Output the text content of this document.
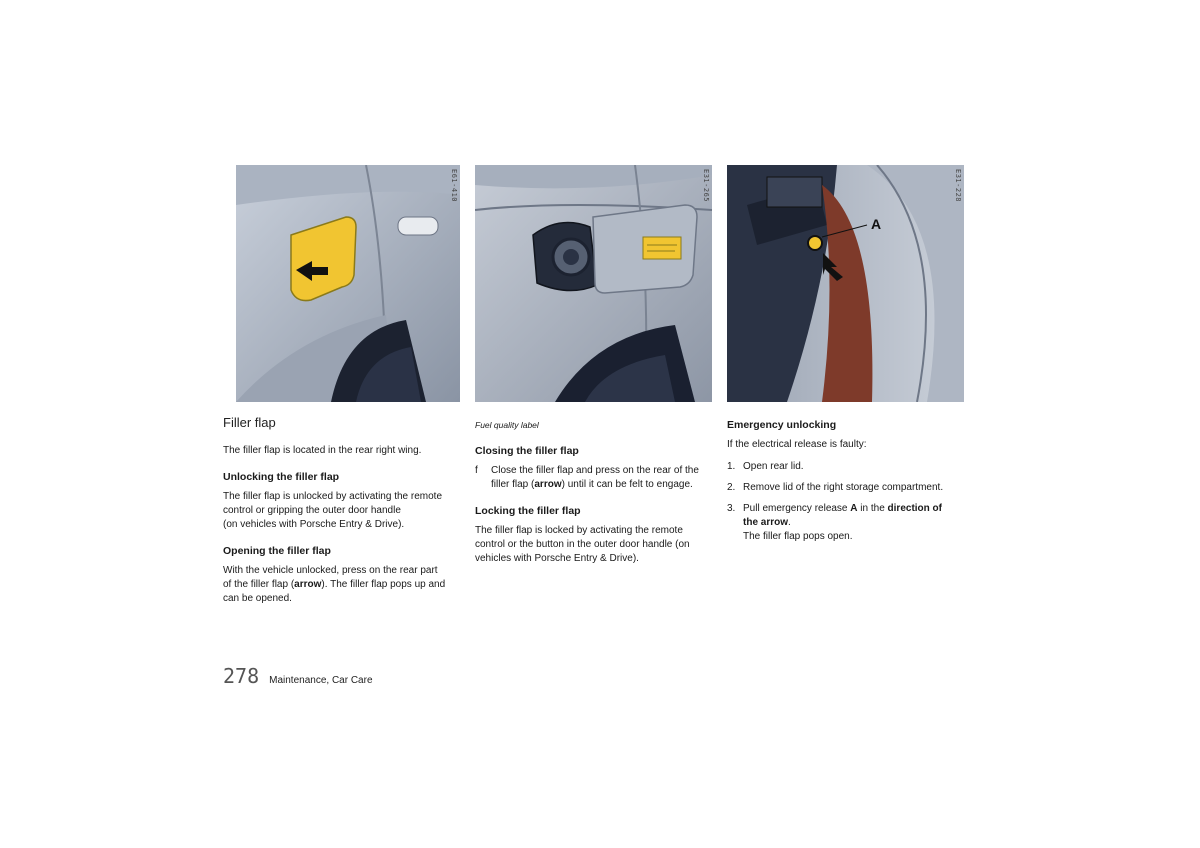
E61-410
Filler flap

The filler flap is located in the rear right wing.

Unlocking the filler flap

The filler flap is unlocked by activating the remote
control or gripping the outer door handle
(on vehicles with Porsche Entry & Drive).

Opening the filler flap

With the vehicle unlocked, press on the rear part
of the filler flap (arrow). The filler flap pops up and
can be opened.

E31-265

Fuel quality label

Closing the filler flap
f	Close the filler flap and press on the rear of the
filler flap (arrow) until it can be felt to engage.

Locking the filler flap

The filler flap is locked by activating the remote
control or the button in the outer door handle (on
vehicles with Porsche Entry & Drive).

A
E31-228
Emergency unlocking

If the electrical release is faulty:

1. Open rear lid.
2. Remove lid of the right storage compartment.
3. Pull emergency release A in the direction of
the arrow.
The filler flap pops open.
278 Maintenance, Car Care
